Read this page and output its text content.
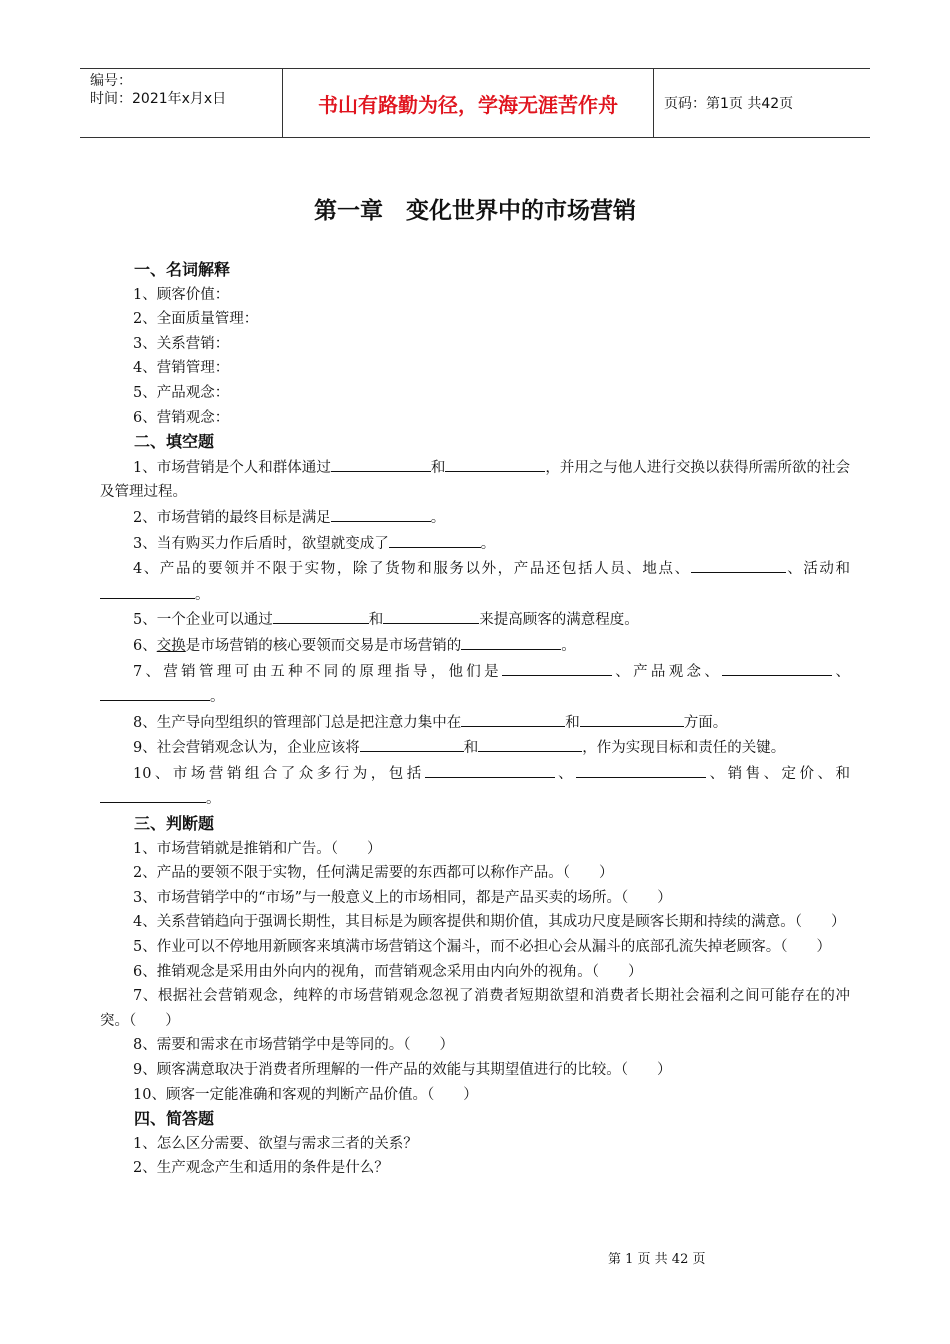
编号：
时间：2021年x月x日	书山有路勤为径，学海无涯苦作舟	页码：第1页 共42页
第一章　变化世界中的市场营销
一、名词解释
1、顾客价值：
2、全面质量管理：
3、关系营销：
4、营销管理：
5、产品观念：
6、营销观念：
二、填空题
1、市场营销是个人和群体通过	和	，并用之与他人进行交换以获得所需所欲的社会及管理过程。
2、市场营销的最终目标是满足	。
3、当有购买力作后盾时，欲望就变成了	。
4、产品的要领并不限于实物，除了货物和服务以外，产品还包括人员、地点、	、活动和。
5、一个企业可以通过	和	来提高顾客的满意程度。
6、交换是市场营销的核心要领而交易是市场营销的	。
7、营销管理可由五种不同的原理指导，他们是	、产品观念、	、。
8、生产导向型组织的管理部门总是把注意力集中在	和	方面。
9、社会营销观念认为，企业应该将	和	，作为实现目标和责任的关键。
10、市场营销组合了众多行为，包括	、	、销售、定价、和。
三、判断题
1、市场营销就是推销和广告。（　　）
2、产品的要领不限于实物，任何满足需要的东西都可以称作产品。（　　）
3、市场营销学中的“市场”与一般意义上的市场相同，都是产品买卖的场所。（　　）
4、关系营销趋向于强调长期性，其目标是为顾客提供和期价值，其成功尺度是顾客长期和持续的满意。（　　）
5、作业可以不停地用新顾客来填满市场营销这个漏斗，而不必担心会从漏斗的底部孔流失掉老顾客。（　　）
6、推销观念是采用由外向内的视角，而营销观念采用由内向外的视角。（　　）
7、根据社会营销观念，纯粹的市场营销观念忽视了消费者短期欲望和消费者长期社会福利之间可能存在的冲突。（　　）
8、需要和需求在市场营销学中是等同的。（　　）
9、顾客满意取决于消费者所理解的一件产品的效能与其期望值进行的比较。（　　）
10、顾客一定能准确和客观的判断产品价值。（　　）
四、简答题
1、怎么区分需要、欲望与需求三者的关系？
2、生产观念产生和适用的条件是什么？
第 1 页 共 42 页
